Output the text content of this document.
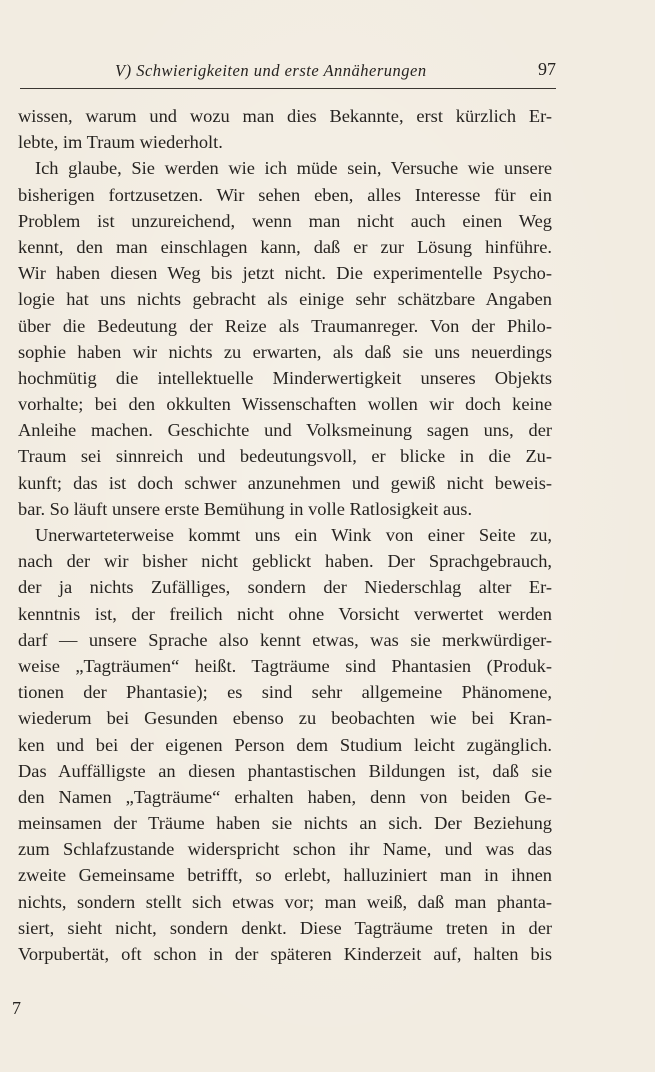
V) Schwierigkeiten und erste Annäherungen	97
wissen, warum und wozu man dies Bekannte, erst kürzlich Er-
lebte, im Traum wiederholt.
Ich glaube, Sie werden wie ich müde sein, Versuche wie unsere
bisherigen fortzusetzen. Wir sehen eben, alles Interesse für ein
Problem ist unzureichend, wenn man nicht auch einen Weg
kennt, den man einschlagen kann, daß er zur Lösung hinführe.
Wir haben diesen Weg bis jetzt nicht. Die experimentelle Psycho-
logie hat uns nichts gebracht als einige sehr schätzbare Angaben
über die Bedeutung der Reize als Traumanreger. Von der Philo-
sophie haben wir nichts zu erwarten, als daß sie uns neuerdings
hochmütig die intellektuelle Minderwertigkeit unseres Objekts
vorhalte; bei den okkulten Wissenschaften wollen wir doch keine
Anleihe machen. Geschichte und Volksmeinung sagen uns, der
Traum sei sinnreich und bedeutungsvoll, er blicke in die Zu-
kunft; das ist doch schwer anzunehmen und gewiß nicht beweis-
bar. So läuft unsere erste Bemühung in volle Ratlosigkeit aus.
Unerwarteterweise kommt uns ein Wink von einer Seite zu,
nach der wir bisher nicht geblickt haben. Der Sprachgebrauch,
der ja nichts Zufälliges, sondern der Niederschlag alter Er-
kenntnis ist, der freilich nicht ohne Vorsicht verwertet werden
darf — unsere Sprache also kennt etwas, was sie merkwürdiger-
weise „Tagträumen“ heißt. Tagträume sind Phantasien (Produk-
tionen der Phantasie); es sind sehr allgemeine Phänomene,
wiederum bei Gesunden ebenso zu beobachten wie bei Kran-
ken und bei der eigenen Person dem Studium leicht zugänglich.
Das Auffälligste an diesen phantastischen Bildungen ist, daß sie
den Namen „Tagträume“ erhalten haben, denn von beiden Ge-
meinsamen der Träume haben sie nichts an sich. Der Beziehung
zum Schlafzustande widerspricht schon ihr Name, und was das
zweite Gemeinsame betrifft, so erlebt, halluziniert man in ihnen
nichts, sondern stellt sich etwas vor; man weiß, daß man phanta-
siert, sieht nicht, sondern denkt. Diese Tagträume treten in der
Vorpubertät, oft schon in der späteren Kinderzeit auf, halten bis
7
